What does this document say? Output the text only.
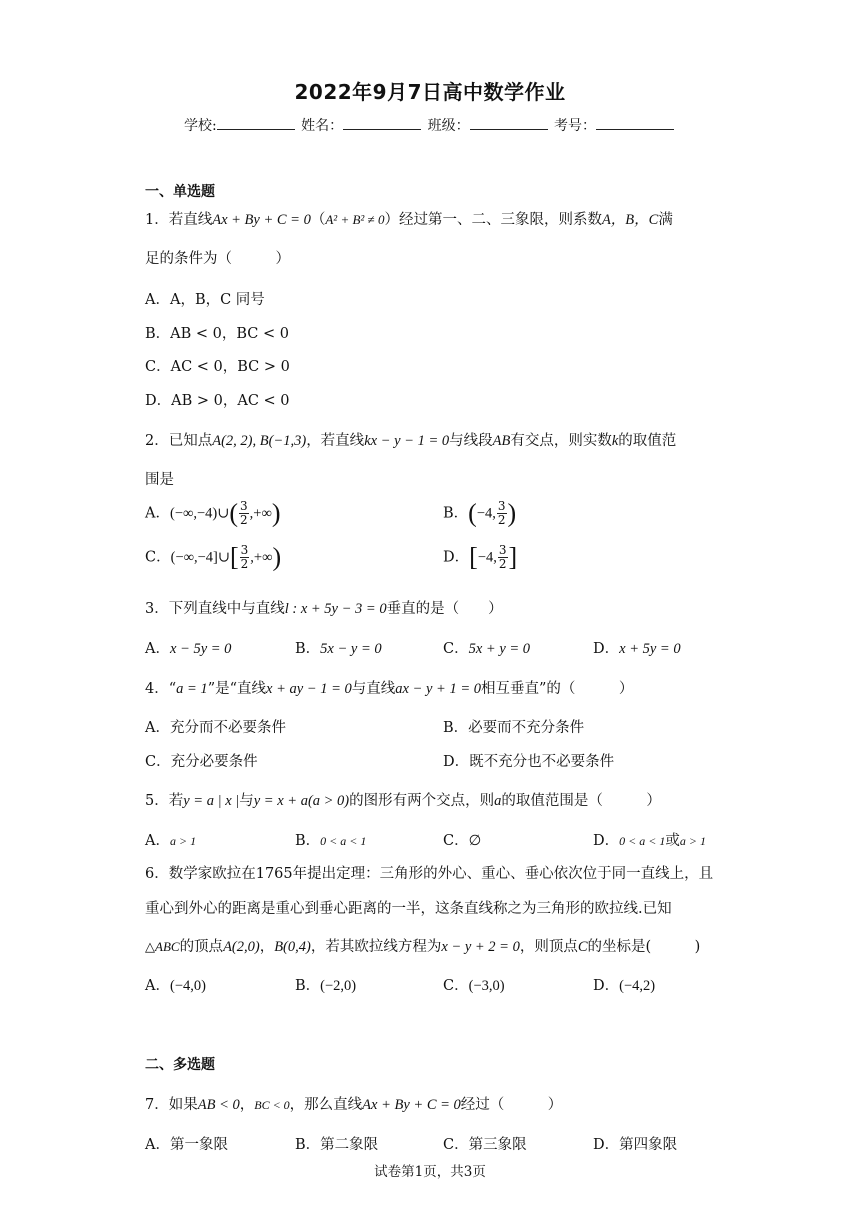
2022年9月7日高中数学作业
学校:	姓名：	班级：	考号：
一、单选题
1．若直线Ax + By + C = 0（A² + B² ≠ 0）经过第一、二、三象限，则系数A，B，C满
足的条件为（　　　）
A．A，B，C 同号
B．AB < 0，BC < 0
C．AC < 0，BC > 0
D．AB > 0，AC < 0
2．已知点A(2, 2), B(−1,3)，若直线kx − y − 1 = 0与线段AB有交点，则实数k的取值范
围是
A．(−∞,−4)∪( $\frac{3}{2}$ ,+∞)	B．(−4, $\frac{3}{2}$ )
C．(−∞,−4]∪[ $\frac{3}{2}$ ,+∞)	D．[−4, $\frac{3}{2}$ ]
3．下列直线中与直线l : x + 5y − 3 = 0垂直的是（　　）
A．x − 5y = 0	B．5x − y = 0	C．5x + y = 0	D．x + 5y = 0
4．“a = 1”是“直线x + ay − 1 = 0与直线ax − y + 1 = 0相互垂直”的（　　　）
A．充分而不必要条件	B．必要而不充分条件
C．充分必要条件	D．既不充分也不必要条件
5．若y = a | x |与y = x + a(a > 0)的图形有两个交点，则a的取值范围是（　　　）
A．a > 1	B．0 < a < 1	C．∅	D．0 < a < 1或a > 1
6．数学家欧拉在1765年提出定理：三角形的外心、重心、垂心依次位于同一直线上，且
重心到外心的距离是重心到垂心距离的一半，这条直线称之为三角形的欧拉线.已知
△ABC的顶点A(2,0)，B(0,4)，若其欧拉线方程为x − y + 2 = 0，则顶点C的坐标是(　　　)
A．(−4,0)	B．(−2,0)	C．(−3,0)	D．(−4,2)
二、多选题
7．如果AB < 0，BC < 0，那么直线Ax + By + C = 0经过（　　　）
A．第一象限	B．第二象限	C．第三象限	D．第四象限
试卷第1页，共3页
